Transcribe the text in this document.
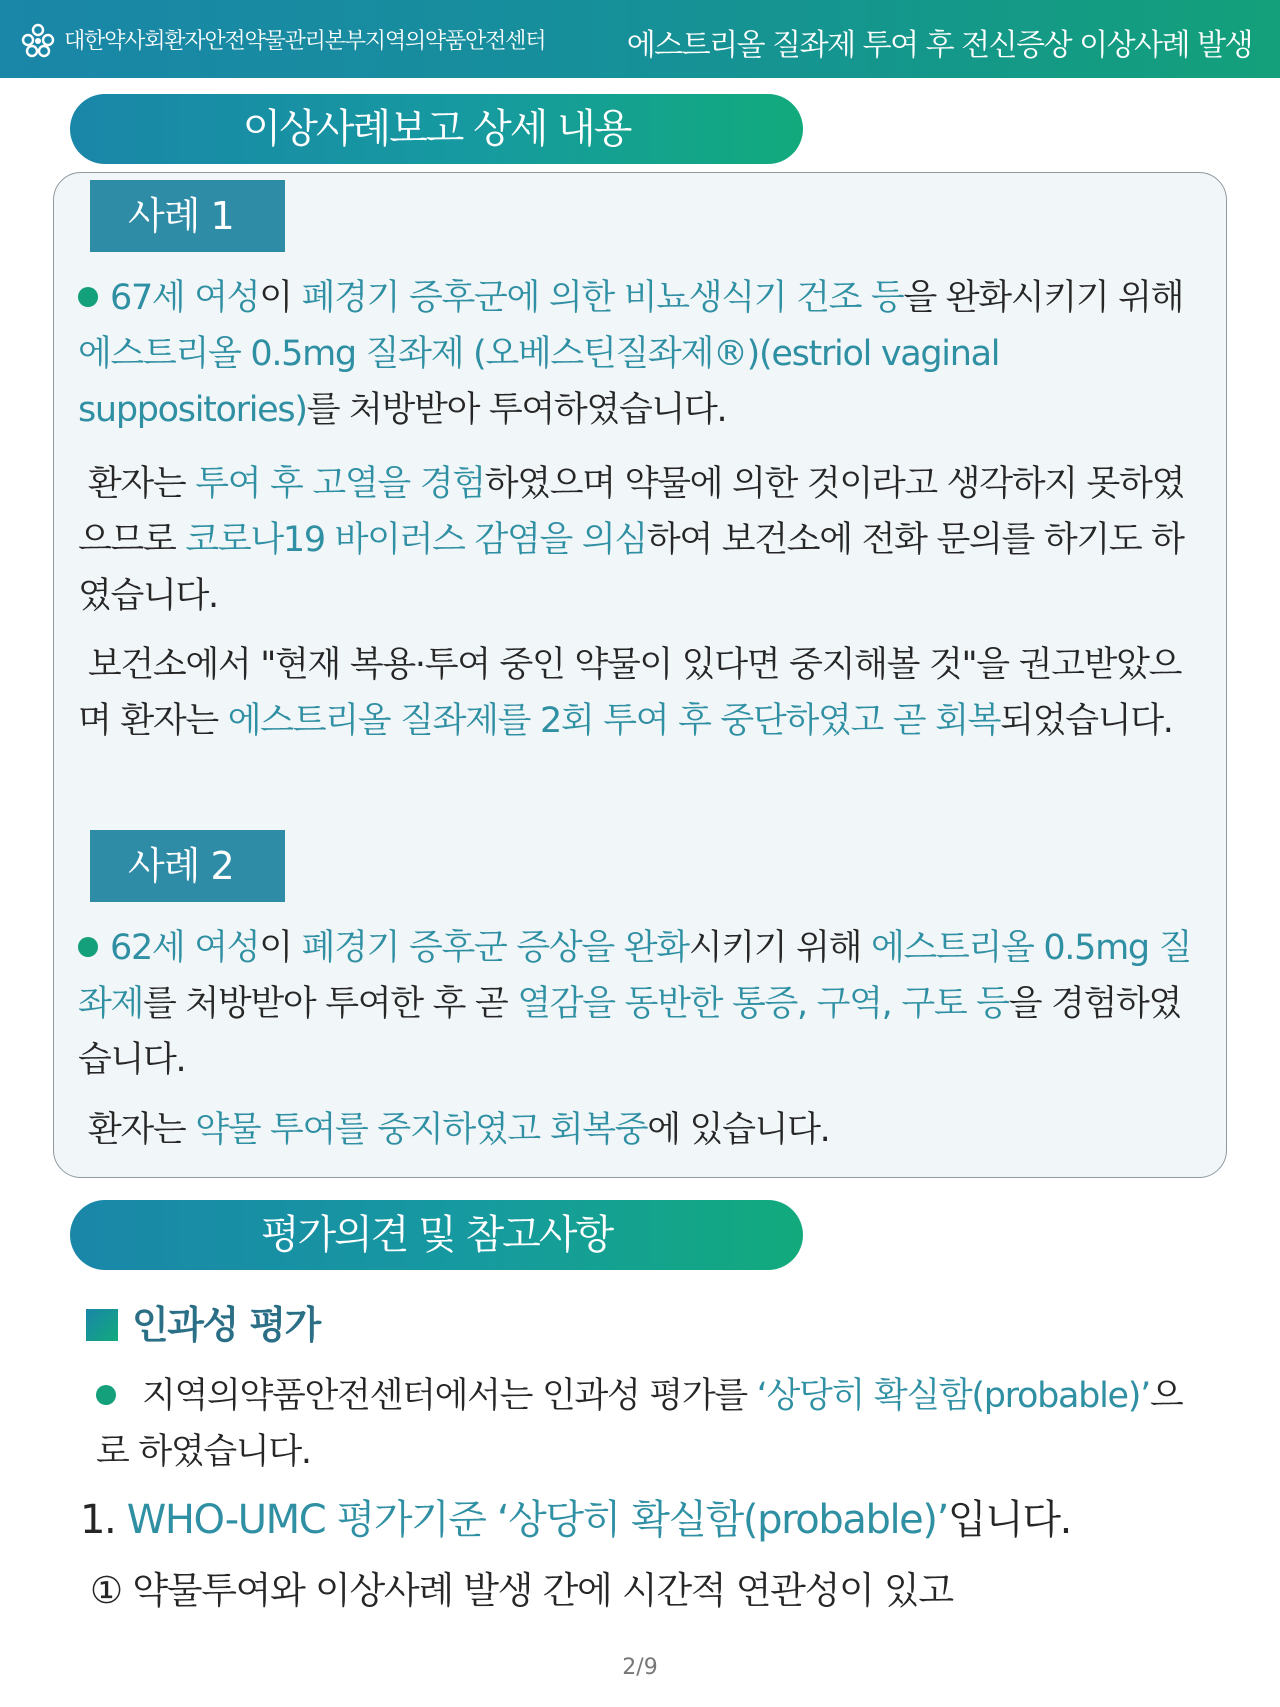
대한약사회환자안전약물관리본부지역의약품안전센터	에스트리올 질좌제 투여 후 전신증상 이상사례 발생
이상사례보고 상세 내용
사례 1
67세 여성이 폐경기 증후군에 의한 비뇨생식기 건조 등을 완화시키기 위해 에스트리올 0.5mg 질좌제 (오베스틴질좌제®)(estriol vaginal suppositories)를 처방받아 투여하였습니다.
환자는 투여 후 고열을 경험하였으며 약물에 의한 것이라고 생각하지 못하였으므로 코로나19 바이러스 감염을 의심하여 보건소에 전화 문의를 하기도 하였습니다.
보건소에서 "현재 복용·투여 중인 약물이 있다면 중지해볼 것"을 권고받았으며 환자는 에스트리올 질좌제를 2회 투여 후 중단하였고 곧 회복되었습니다.
사례 2
62세 여성이 폐경기 증후군 증상을 완화시키기 위해 에스트리올 0.5mg 질좌제를 처방받아 투여한 후 곧 열감을 동반한 통증, 구역, 구토 등을 경험하였습니다.
환자는 약물 투여를 중지하였고 회복중에 있습니다.
평가의견 및 참고사항
인과성 평가
지역의약품안전센터에서는 인과성 평가를 ‘상당히 확실함(probable)’으로 하였습니다.
1. WHO-UMC 평가기준 ‘상당히 확실함(probable)’입니다.
① 약물투여와 이상사례 발생 간에 시간적 연관성이 있고
2/9
